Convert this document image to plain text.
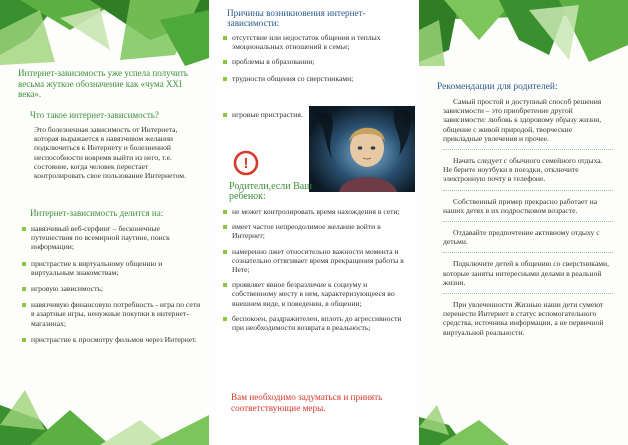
Интернет-зависимость уже успела получить весьма жуткое обозначение как «чума XXI века».
Что такое интернет-зависимость?
Это болезненная зависимость от Интернета, которая выражается в навязчивом желании подключиться к Интернету и болезненной неспособности вовремя выйти из него, т.е. состояние, когда человек перестает контролировать свое пользование Интернетом.
Интернет-зависимость делится на:
навязчивый веб-серфинг – бесконечные путешествия по всемирной паутине, поиск информации;
пристрастие к виртуальному общению и виртуальным знакомствам;
игровую зависимость;
навязчивую финансовую потребность - игра по сети в азартные игры, ненужные покупки в интернет-магазинах;
пристрастие к просмотру фильмов через Интернет.
Причины возникновения интернет-зависимости:
отсутствие или недостаток общения и теплых эмоциональных отношений в семье;
проблемы в образовании;
трудности общения со сверстниками;
игровые пристрастия.
!
Родители,если Ваш ребенок:
не может контролировать время нахождения в сети;
имеет частое непреодолимое желание войти в Интернет;
намеренно лжет относительно важности момента и сознательно оттягивает время прекращения работы в Нете;
проявляет явное безразличие к социуму и собственному месту в нем, характеризующееся во внешнем виде, в поведении, в общении;
беспокоен, раздражителен, вплоть до агрессивности при необходимости возврата в реальность;
Вам необходимо задуматься и принять соответствующие меры.
Рекомендации для родителей:

Самый простой и доступный способ решения зависимости – это приобретение другой зависимости: любовь к здоровому образу жизни, общение с живой природой, творческие прикладные увлечения и прочее.

Начать следует с обычного семейного отдыха. Не берите ноутбуки в поездки, отключите электронную почту в телефоне.

Собственный пример прекрасно работает на наших детях в их подростковом возрасте.

Отдавайте предпочтение активному отдыху с детьми.

Подключите детей к общению со сверстниками, которые заняты интересными делами в реальной жизни.

При увлеченности Жизнью наши дети сумеют перенести Интернет в статус вспомогательного средства, источника информации, а не первичной виртуальной реальности.
